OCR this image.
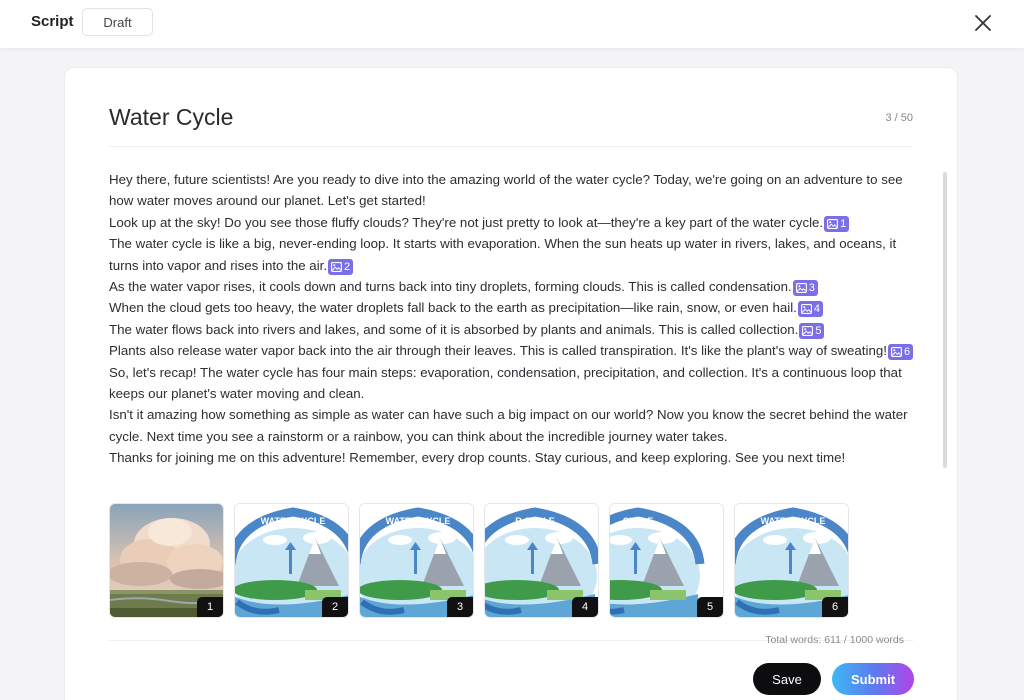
Script	Draft
Water Cycle	3 / 50

Hey there, future scientists! Are you ready to dive into the amazing world of the water cycle? Today, we're going on an adventure to see how water moves around our planet. Let's get started!

Look up at the sky! Do you see those fluffy clouds? They're not just pretty to look at—they're a key part of the water cycle. 1

The water cycle is like a big, never-ending loop. It starts with evaporation. When the sun heats up water in rivers, lakes, and oceans, it turns into vapor and rises into the air. 2

As the water vapor rises, it cools down and turns back into tiny droplets, forming clouds. This is called condensation. 3

When the cloud gets too heavy, the water droplets fall back to the earth as precipitation—like rain, snow, or even hail. 4

The water flows back into rivers and lakes, and some of it is absorbed by plants and animals. This is called collection. 5

Plants also release water vapor back into the air through their leaves. This is called transpiration. It's like the plant's way of sweating! 6

So, let's recap! The water cycle has four main steps: evaporation, condensation, precipitation, and collection. It's a continuous loop that keeps our planet's water moving and clean.

Isn't it amazing how something as simple as water can have such a big impact on our world? Now you know the secret behind the water cycle. Next time you see a rainstorm or a rainbow, you can think about the incredible journey water takes.

Thanks for joining me on this adventure! Remember, every drop counts. Stay curious, and keep exploring. See you next time!

1
WATER CYCLE
2
WATER CYCLE
3
R CYCLE
4
CYCLE
5
WATER CYCLE
6
Total words: 611 / 1000 words
Save	Submit
